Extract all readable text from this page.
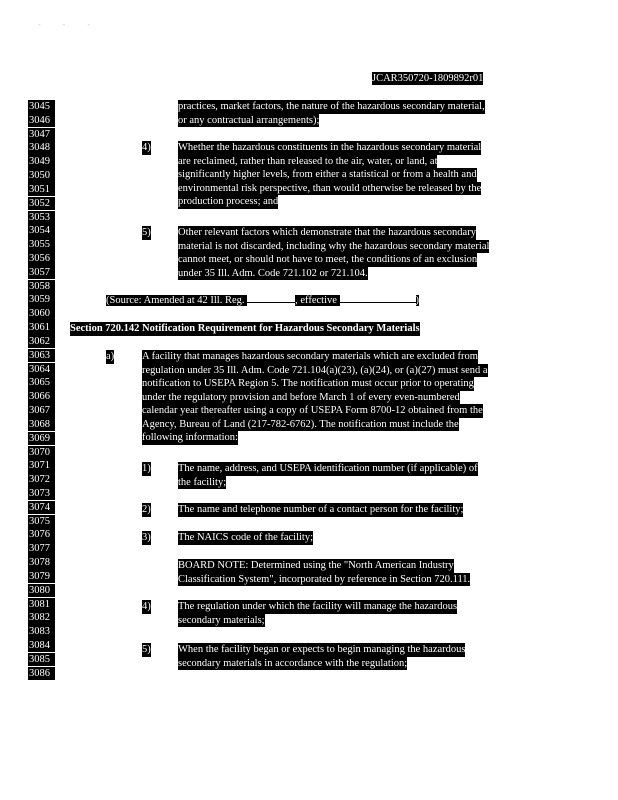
- - -
JCAR350720-1809892r01
3045
3046
3047
3048
3049
3050
3051
3052
3053
3054
3055
3056
3057
3058
3059
3060
3061
3062
3063
3064
3065
3066
3067
3068
3069
3070
3071
3072
3073
3074
3075
3076
3077
3078
3079
3080
3081
3082
3083
3084
3085
3086
practices, market factors, the nature of the hazardous secondary material,
or any contractual arrangements);
4)	Whether the hazardous constituents in the hazardous secondary material
are reclaimed, rather than released to the air, water, or land, at
significantly higher levels, from either a statistical or from a health and
environmental risk perspective, than would otherwise be released by the
production process; and
5)	Other relevant factors which demonstrate that the hazardous secondary
material is not discarded, including why the hazardous secondary material
cannot meet, or should not have to meet, the conditions of an exclusion
under 35 Ill. Adm. Code 721.102 or 721.104.
(Source: Amended at 42 Ill. Reg.	, effective	)
Section 720.142 Notification Requirement for Hazardous Secondary Materials
a)	A facility that manages hazardous secondary materials which are excluded from
regulation under 35 Ill. Adm. Code 721.104(a)(23), (a)(24), or (a)(27) must send a
notification to USEPA Region 5. The notification must occur prior to operating
under the regulatory provision and before March 1 of every even-numbered
calendar year thereafter using a copy of USEPA Form 8700-12 obtained from the
Agency, Bureau of Land (217-782-6762). The notification must include the
following information:
1)	The name, address, and USEPA identification number (if applicable) of
the facility;
2)	The name and telephone number of a contact person for the facility;
3)	The NAICS code of the facility;
BOARD NOTE: Determined using the "North American Industry
Classification System", incorporated by reference in Section 720.111.
4)	The regulation under which the facility will manage the hazardous
secondary materials;
5)	When the facility began or expects to begin managing the hazardous
secondary materials in accordance with the regulation;
